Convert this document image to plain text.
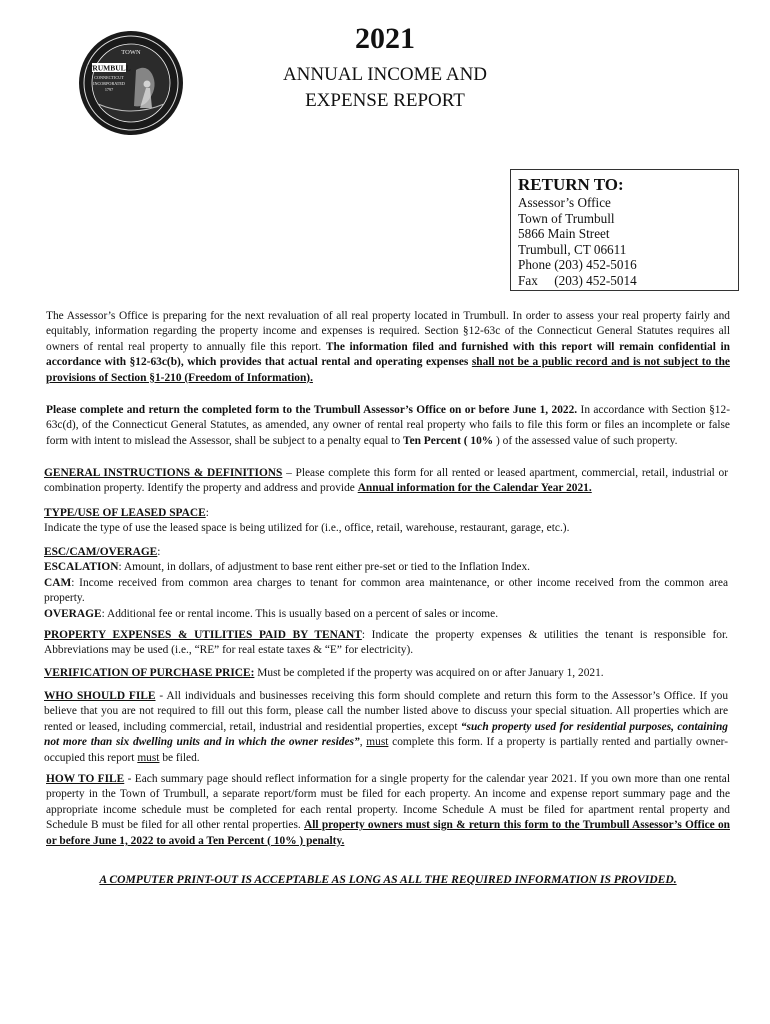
TOWN
TRUMBULL
CONNECTICUT
INCORPORATED
1797
2021
ANNUAL INCOME AND
EXPENSE REPORT
RETURN TO:
Assessor’s Office
Town of Trumbull
5866 Main Street
Trumbull, CT 06611
Phone (203) 452-5016
Fax     (203) 452-5014
The Assessor’s Office is preparing for the next revaluation of all real property located in Trumbull. In order to assess your real property fairly and equitably, information regarding the property income and expenses is required. Section §12-63c of the Connecticut General Statutes requires all owners of rental real property to annually file this report. The information filed and furnished with this report will remain confidential in accordance with §12-63c(b), which provides that actual rental and operating expenses shall not be a public record and is not subject to the provisions of Section §1-210 (Freedom of Information).
Please complete and return the completed form to the Trumbull Assessor’s Office on or before June 1, 2022. In accordance with Section §12-63c(d), of the Connecticut General Statutes, as amended, any owner of rental real property who fails to file this form or files an incomplete or false form with intent to mislead the Assessor, shall be subject to a penalty equal to Ten Percent ( 10% ) of the assessed value of such property.
GENERAL INSTRUCTIONS & DEFINITIONS – Please complete this form for all rented or leased apartment, commercial, retail, industrial or combination property. Identify the property and address and provide Annual information for the Calendar Year 2021.
TYPE/USE OF LEASED SPACE:
Indicate the type of use the leased space is being utilized for (i.e., office, retail, warehouse, restaurant, garage, etc.).
ESC/CAM/OVERAGE:
ESCALATION: Amount, in dollars, of adjustment to base rent either pre-set or tied to the Inflation Index.
CAM: Income received from common area charges to tenant for common area maintenance, or other income received from the common area property.
OVERAGE: Additional fee or rental income. This is usually based on a percent of sales or income.
PROPERTY EXPENSES & UTILITIES PAID BY TENANT: Indicate the property expenses & utilities the tenant is responsible for. Abbreviations may be used (i.e., “RE” for real estate taxes & “E” for electricity).
VERIFICATION OF PURCHASE PRICE: Must be completed if the property was acquired on or after January 1, 2021.
WHO SHOULD FILE - All individuals and businesses receiving this form should complete and return this form to the Assessor’s Office. If you believe that you are not required to fill out this form, please call the number listed above to discuss your special situation. All properties which are rented or leased, including commercial, retail, industrial and residential properties, except “such property used for residential purposes, containing not more than six dwelling units and in which the owner resides”, must complete this form. If a property is partially rented and partially owner-occupied this report must be filed.
HOW TO FILE - Each summary page should reflect information for a single property for the calendar year 2021. If you own more than one rental property in the Town of Trumbull, a separate report/form must be filed for each property. An income and expense report summary page and the appropriate income schedule must be completed for each rental property. Income Schedule A must be filed for apartment rental property and Schedule B must be filed for all other rental properties. All property owners must sign & return this form to the Trumbull Assessor’s Office on or before June 1, 2022 to avoid a Ten Percent ( 10% ) penalty.
A COMPUTER PRINT-OUT IS ACCEPTABLE AS LONG AS ALL THE REQUIRED INFORMATION IS PROVIDED.
